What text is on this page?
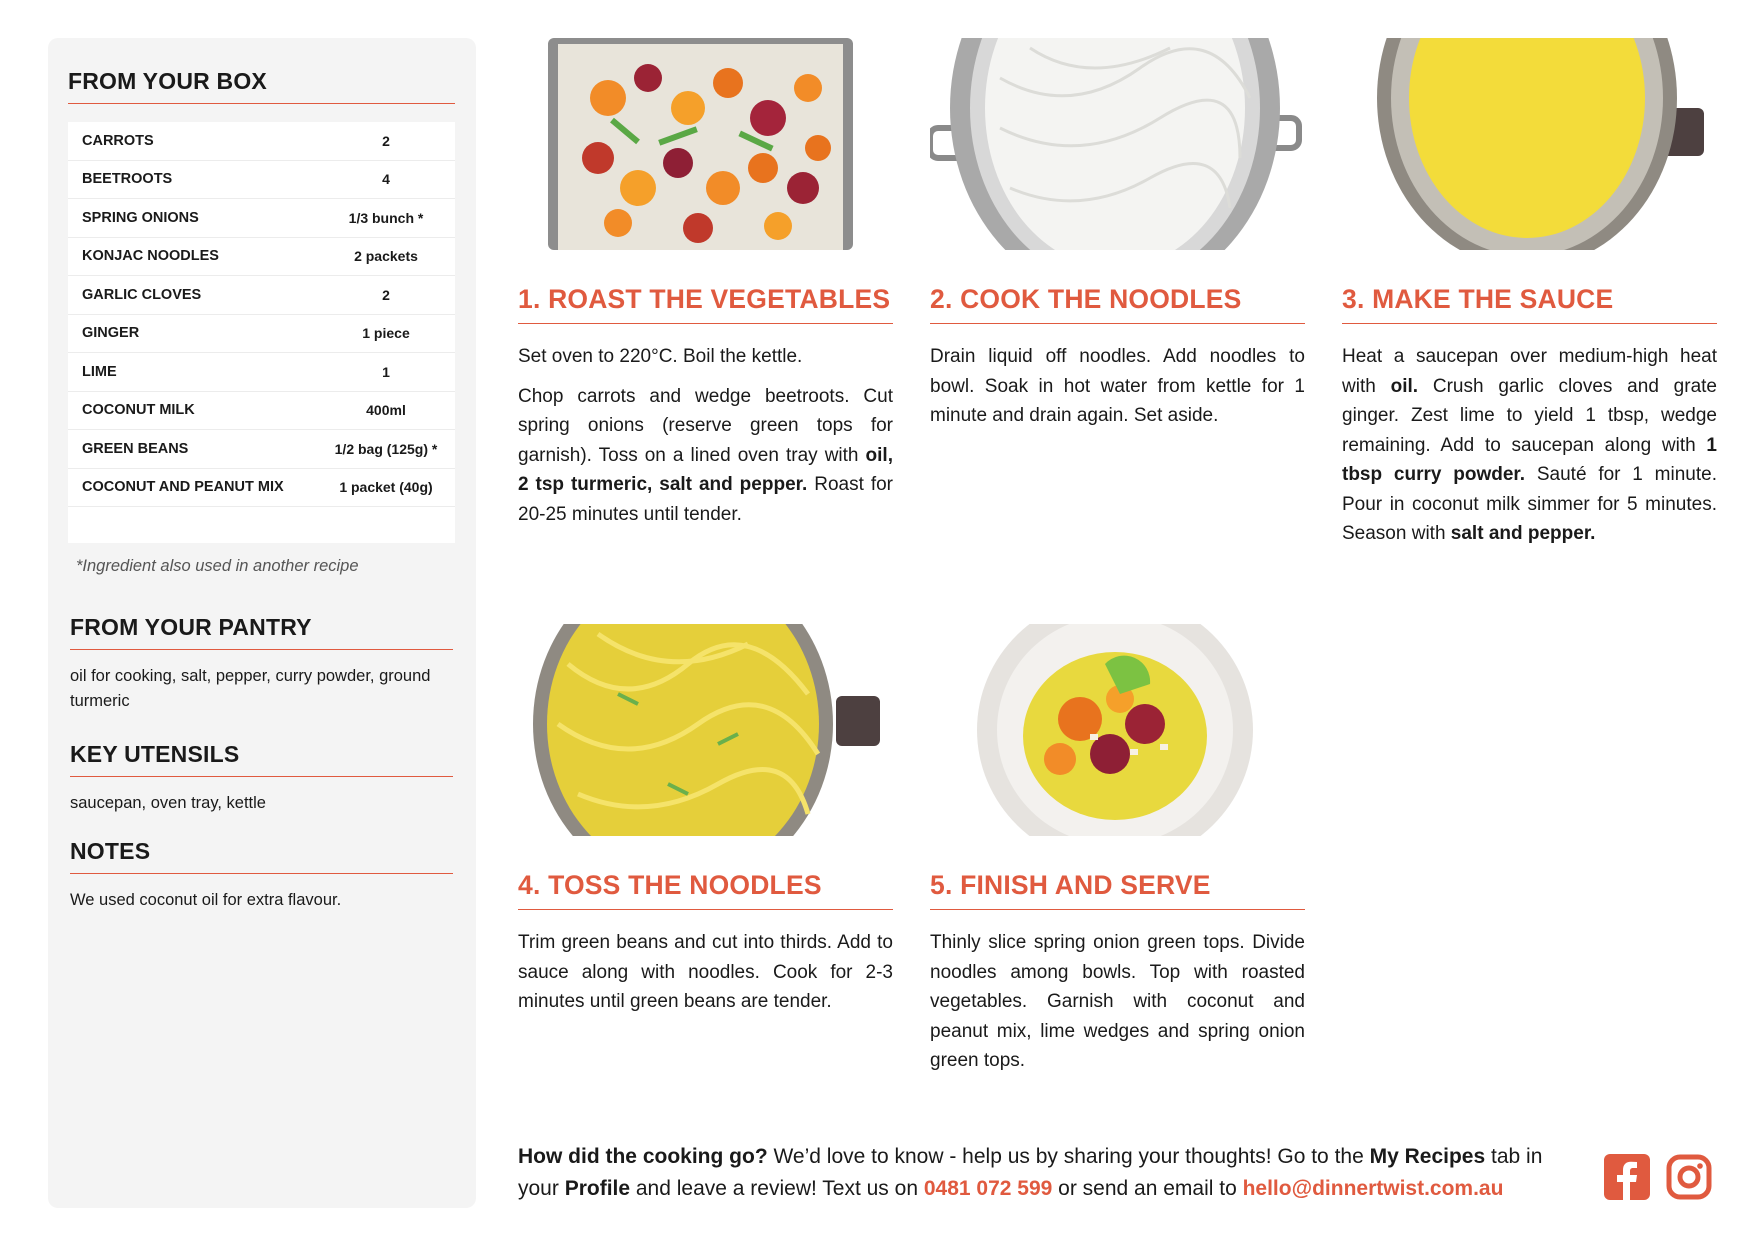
FROM YOUR BOX
CARROTS	2
BEETROOTS	4
SPRING ONIONS	1/3 bunch *
KONJAC NOODLES	2 packets
GARLIC CLOVES	2
GINGER	1 piece
LIME	1
COCONUT MILK	400ml
GREEN BEANS	1/2 bag (125g) *
COCONUT AND PEANUT MIX	1 packet (40g)

*Ingredient also used in another recipe
FROM YOUR PANTRY

oil for cooking, salt, pepper, curry powder, ground turmeric

KEY UTENSILS

saucepan, oven tray, kettle

NOTES

We used coconut oil for extra flavour.

1. ROAST THE VEGETABLES

Set oven to 220°C. Boil the kettle.

Chop carrots and wedge beetroots. Cut spring onions (reserve green tops for garnish). Toss on a lined oven tray with oil, 2 tsp turmeric, salt and pepper. Roast for 20-25 minutes until tender.

2. COOK THE NOODLES

Drain liquid off noodles. Add noodles to bowl. Soak in hot water from kettle for 1 minute and drain again. Set aside.

3. MAKE THE SAUCE

Heat a saucepan over medium-high heat with oil. Crush garlic cloves and grate ginger. Zest lime to yield 1 tbsp, wedge remaining. Add to saucepan along with 1 tbsp curry powder. Sauté for 1 minute. Pour in coconut milk simmer for 5 minutes. Season with salt and pepper.

4. TOSS THE NOODLES

Trim green beans and cut into thirds. Add to sauce along with noodles. Cook for 2-3 minutes until green beans are tender.

5. FINISH AND SERVE

Thinly slice spring onion green tops. Divide noodles among bowls. Top with roasted vegetables. Garnish with coconut and peanut mix, lime wedges and spring onion green tops.

How did the cooking go? We’d love to know - help us by sharing your thoughts! Go to the My Recipes tab in your Profile and leave a review! Text us on 0481 072 599 or send an email to hello@dinnertwist.com.au
